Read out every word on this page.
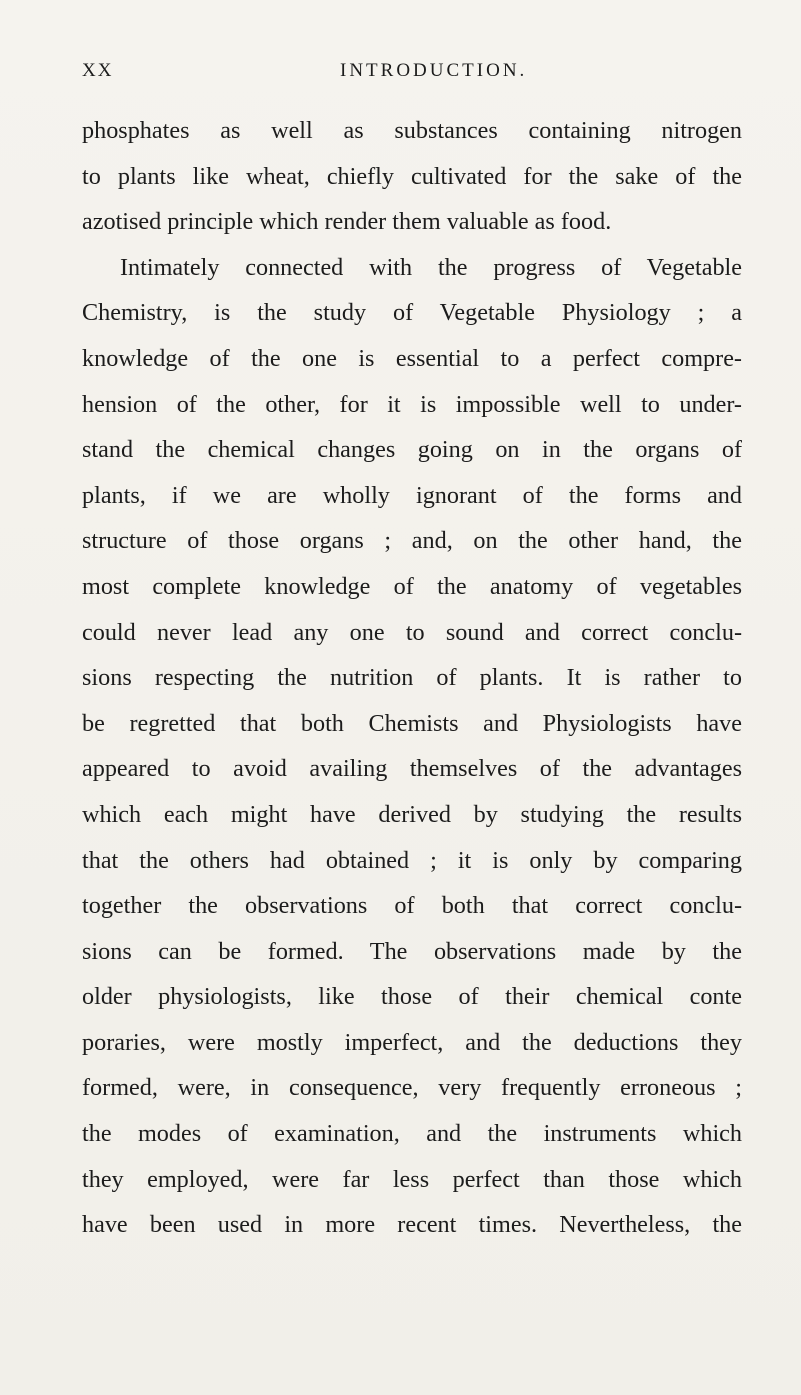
XX	INTRODUCTION.
phosphates as well as substances containing nitrogen
to plants like wheat, chiefly cultivated for the sake of the
azotised principle which render them valuable as food.
Intimately connected with the progress of Vegetable
Chemistry, is the study of Vegetable Physiology ; a
knowledge of the one is essential to a perfect compre-
hension of the other, for it is impossible well to under-
stand the chemical changes going on in the organs of
plants, if we are wholly ignorant of the forms and
structure of those organs ; and, on the other hand, the
most complete knowledge of the anatomy of vegetables
could never lead any one to sound and correct conclu-
sions respecting the nutrition of plants. It is rather to
be regretted that both Chemists and Physiologists have
appeared to avoid availing themselves of the advantages
which each might have derived by studying the results
that the others had obtained ; it is only by comparing
together the observations of both that correct conclu-
sions can be formed. The observations made by the
older physiologists, like those of their chemical conte
poraries, were mostly imperfect, and the deductions they
formed, were, in consequence, very frequently erroneous ;
the modes of examination, and the instruments which
they employed, were far less perfect than those which
have been used in more recent times. Nevertheless, the
